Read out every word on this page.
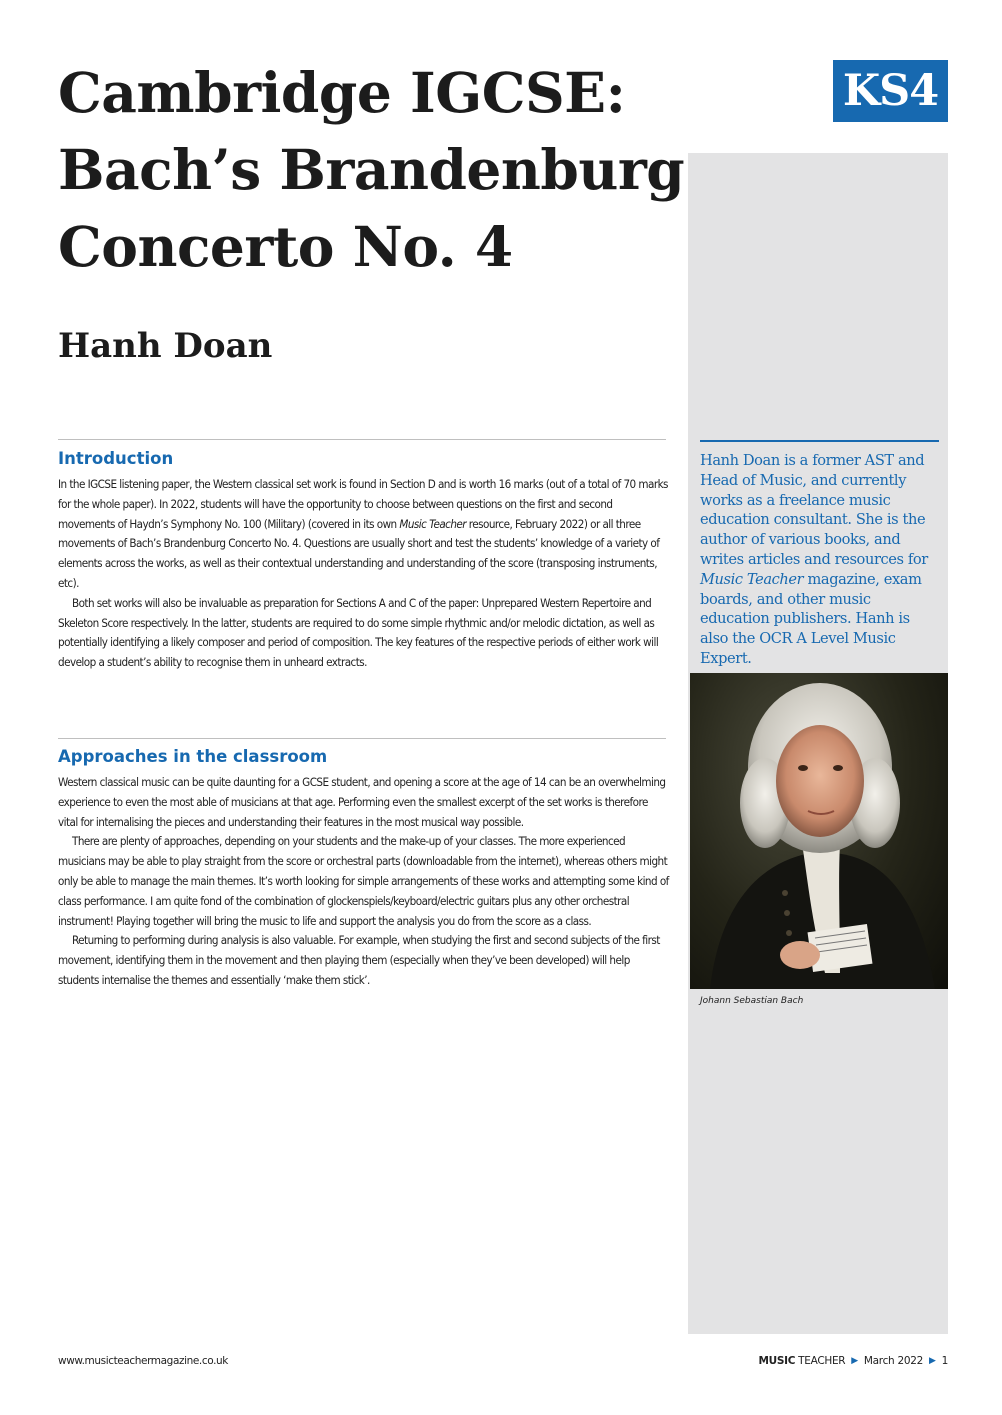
Cambridge IGCSE:
Bach’s Brandenburg
Concerto No. 4
Hanh Doan
KS4
Hanh Doan is a former AST and Head of Music, and currently works as a freelance music education consultant. She is the author of various books, and writes articles and resources for Music Teacher magazine, exam boards, and other music education publishers. Hanh is also the OCR A Level Music Expert.
Johann Sebastian Bach
Introduction

In the IGCSE listening paper, the Western classical set work is found in Section D and is worth 16 marks (out of a total of 70 marks for the whole paper). In 2022, students will have the opportunity to choose between questions on the first and second movements of Haydn’s Symphony No. 100 (Military) (covered in its own Music Teacher resource, February 2022) or all three movements of Bach’s Brandenburg Concerto No. 4. Questions are usually short and test the students’ knowledge of a variety of elements across the works, as well as their contextual understanding and understanding of the score (transposing instruments, etc).

Both set works will also be invaluable as preparation for Sections A and C of the paper: Unprepared Western Repertoire and Skeleton Score respectively. In the latter, students are required to do some simple rhythmic and/or melodic dictation, as well as potentially identifying a likely composer and period of composition. The key features of the respective periods of either work will develop a student’s ability to recognise them in unheard extracts.

Approaches in the classroom

Western classical music can be quite daunting for a GCSE student, and opening a score at the age of 14 can be an overwhelming experience to even the most able of musicians at that age. Performing even the smallest excerpt of the set works is therefore vital for internalising the pieces and understanding their features in the most musical way possible.

There are plenty of approaches, depending on your students and the make-up of your classes. The more experienced musicians may be able to play straight from the score or orchestral parts (downloadable from the internet), whereas others might only be able to manage the main themes. It’s worth looking for simple arrangements of these works and attempting some kind of class performance. I am quite fond of the combination of glockenspiels/keyboard/electric guitars plus any other orchestral instrument! Playing together will bring the music to life and support the analysis you do from the score as a class.

Returning to performing during analysis is also valuable. For example, when studying the first and second subjects of the first movement, identifying them in the movement and then playing them (especially when they’ve been developed) will help students internalise the themes and essentially ‘make them stick’.

www.musicteachermagazine.co.uk	MUSIC TEACHER ▶ March 2022 ▶ 1
